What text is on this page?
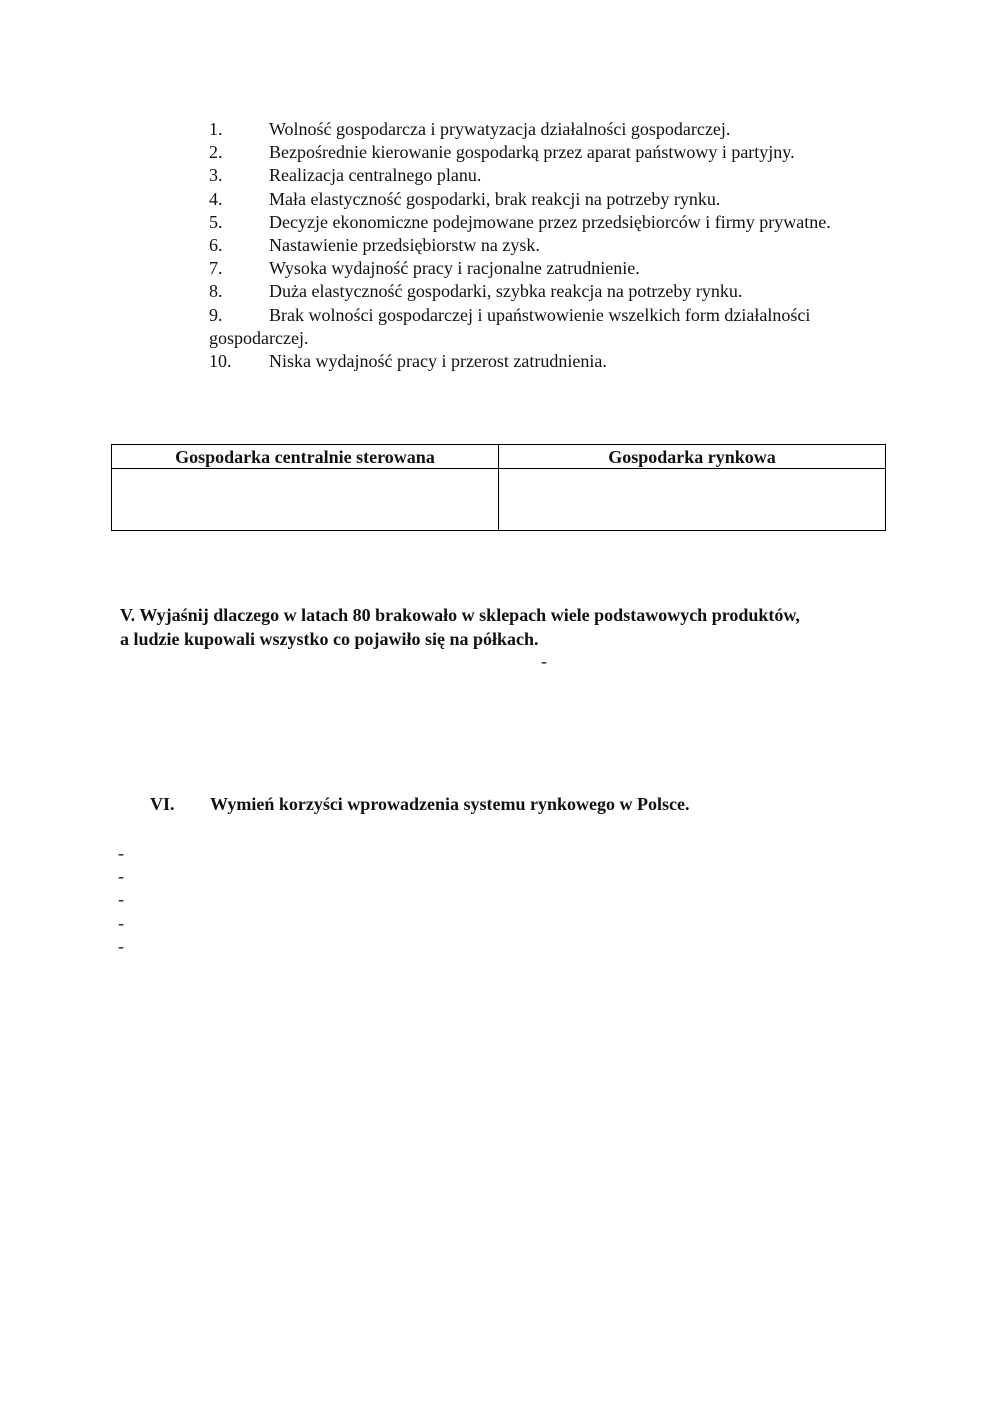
1.	Wolność gospodarcza i prywatyzacja działalności gospodarczej.
2.	Bezpośrednie kierowanie gospodarką przez aparat państwowy i partyjny.
3.	Realizacja centralnego planu.
4.	Mała elastyczność gospodarki, brak reakcji na potrzeby rynku.
5.	Decyzje ekonomiczne podejmowane przez przedsiębiorców i firmy prywatne.
6.	Nastawienie przedsiębiorstw na zysk.
7.	Wysoka wydajność pracy i racjonalne zatrudnienie.
8.	Duża elastyczność gospodarki, szybka reakcja na potrzeby rynku.
9.	Brak wolności gospodarczej i upaństwowienie wszelkich form działalności gospodarczej.
10. Niska wydajność pracy i przerost zatrudnienia.
Gospodarka centralnie sterowana	Gospodarka rynkowa

V. Wyjaśnij dlaczego w latach 80 brakowało w sklepach wiele podstawowych produktów,
a ludzie kupowali wszystko co pojawiło się na półkach.
-
VI. Wymień korzyści wprowadzenia systemu rynkowego w Polsce.
-
-
-
-
-
